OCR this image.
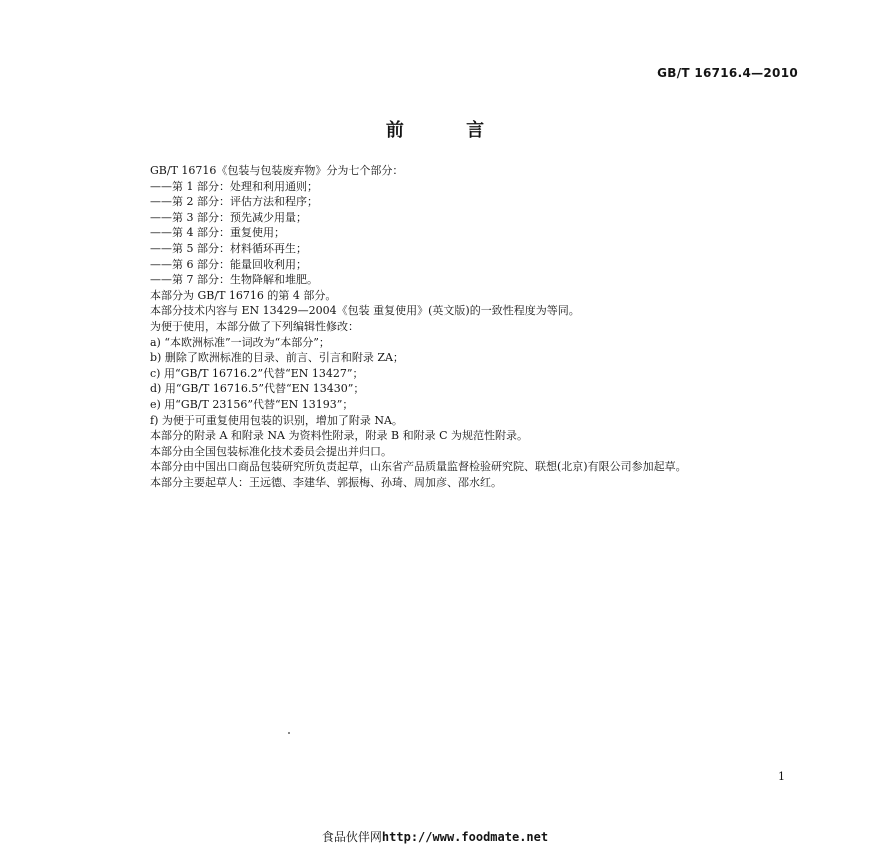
GB/T 16716.4—2010
前 言
GB/T 16716《包装与包装废弃物》分为七个部分：
——第 1 部分：处理和利用通则；
——第 2 部分：评估方法和程序；
——第 3 部分：预先减少用量；
——第 4 部分：重复使用；
——第 5 部分：材料循环再生；
——第 6 部分：能量回收利用；
——第 7 部分：生物降解和堆肥。
本部分为 GB/T 16716 的第 4 部分。
本部分技术内容与 EN 13429—2004《包装 重复使用》(英文版)的一致性程度为等同。
为便于使用，本部分做了下列编辑性修改：
a) “本欧洲标准”一词改为“本部分”；
b) 删除了欧洲标准的目录、前言、引言和附录 ZA；
c) 用“GB/T 16716.2”代替“EN 13427”；
d) 用“GB/T 16716.5”代替“EN 13430”；
e) 用“GB/T 23156”代替“EN 13193”；
f) 为便于可重复使用包装的识别，增加了附录 NA。
本部分的附录 A 和附录 NA 为资料性附录，附录 B 和附录 C 为规范性附录。
本部分由全国包装标准化技术委员会提出并归口。
本部分由中国出口商品包装研究所负责起草，山东省产品质量监督检验研究院、联想(北京)有限公司参加起草。
本部分主要起草人：王远德、李建华、郭振梅、孙琦、周加彦、邵水红。
1
食品伙伴网http://www.foodmate.net
